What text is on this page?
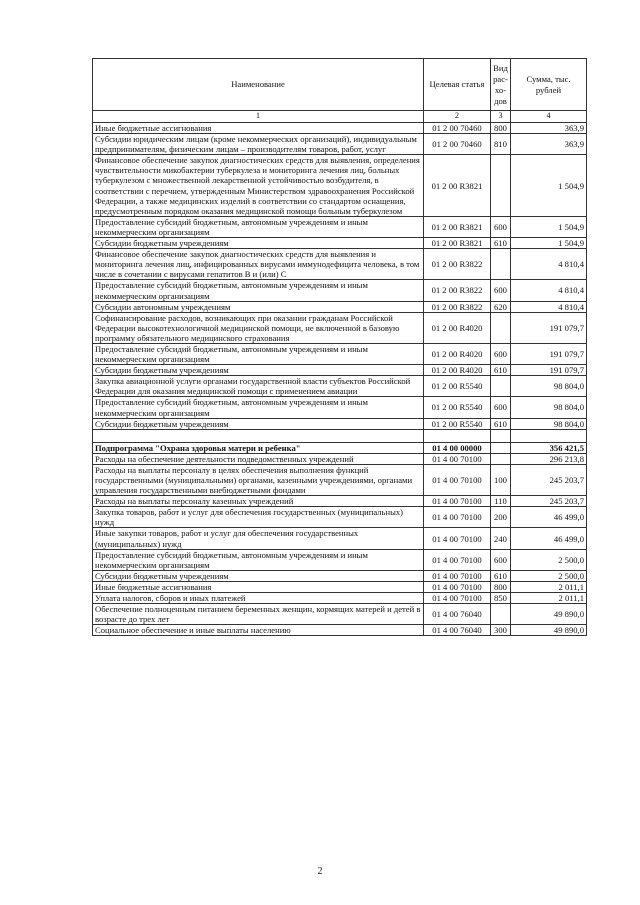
Наименование	Целевая статья	Вид рас-хо-дов	Сумма, тыс. рублей
1	2	3	4
Иные бюджетные ассигнования	01 2 00 70460	800	363,9
Субсидии юридическим лицам (кроме некоммерческих организаций), индивидуальным предпринимателям, физическим лицам – производителям товаров, работ, услуг	01 2 00 70460	810	363,9
Финансовое обеспечение закупок диагностических средств для выявления, определения чувствительности микобактерии туберкулеза и мониторинга лечения лиц, больных туберкулезом с множественной лекарственной устойчивостью возбудителя, в соответствии с перечнем, утвержденным Министерством здравоохранения Российской Федерации, а также медицинских изделий в соответствии со стандартом оснащения, предусмотренным порядком оказания медицинской помощи больным туберкулезом	01 2 00 R3821		1 504,9
Предоставление субсидий бюджетным, автономным учреждениям и иным некоммерческим организациям	01 2 00 R3821	600	1 504,9
Субсидии бюджетным учреждениям	01 2 00 R3821	610	1 504,9
Финансовое обеспечение закупок диагностических средств для выявления и мониторинга лечения лиц, инфицированных вирусами иммунодефицита человека, в том числе в сочетании с вирусами гепатитов B и (или) C	01 2 00 R3822		4 810,4
Предоставление субсидий бюджетным, автономным учреждениям и иным некоммерческим организациям	01 2 00 R3822	600	4 810,4
Субсидии автономным учреждениям	01 2 00 R3822	620	4 810,4
Софинансирование расходов, возникающих при оказании гражданам Российской Федерации высокотехнологичной медицинской помощи, не включенной в базовую программу обязательного медицинского страхования	01 2 00 R4020		191 079,7
Предоставление субсидий бюджетным, автономным учреждениям и иным некоммерческим организациям	01 2 00 R4020	600	191 079,7
Субсидии бюджетным учреждениям	01 2 00 R4020	610	191 079,7
Закупка авиационной услуги органами государственной власти субъектов Российской Федерации для оказания медицинской помощи с применением авиации	01 2 00 R5540		98 804,0
Предоставление субсидий бюджетным, автономным учреждениям и иным некоммерческим организациям	01 2 00 R5540	600	98 804,0
Субсидии бюджетным учреждениям	01 2 00 R5540	610	98 804,0

Подпрограмма "Охрана здоровья матери и ребенка"	01 4 00 00000		356 421,5
Расходы на обеспечение деятельности подведомственных учреждений	01 4 00 70100		296 213,8
Расходы на выплаты персоналу в целях обеспечения выполнения функций государственными (муниципальными) органами, казенными учреждениями, органами управления государственными внебюджетными фондами	01 4 00 70100	100	245 203,7
Расходы на выплаты персоналу казенных учреждений	01 4 00 70100	110	245 203,7
Закупка товаров, работ и услуг для обеспечения государственных (муниципальных) нужд	01 4 00 70100	200	46 499,0
Иные закупки товаров, работ и услуг для обеспечения государственных (муниципальных) нужд	01 4 00 70100	240	46 499,0
Предоставление субсидий бюджетным, автономным учреждениям и иным некоммерческим организациям	01 4 00 70100	600	2 500,0
Субсидии бюджетным учреждениям	01 4 00 70100	610	2 500,0
Иные бюджетные ассигнования	01 4 00 70100	800	2 011,1
Уплата налогов, сборов и иных платежей	01 4 00 70100	850	2 011,1
Обеспечение полноценным питанием беременных женщин, кормящих матерей и детей в возрасте до трех лет	01 4 00 76040		49 890,0
Социальное обеспечение и иные выплаты населению	01 4 00 76040	300	49 890,0
2
